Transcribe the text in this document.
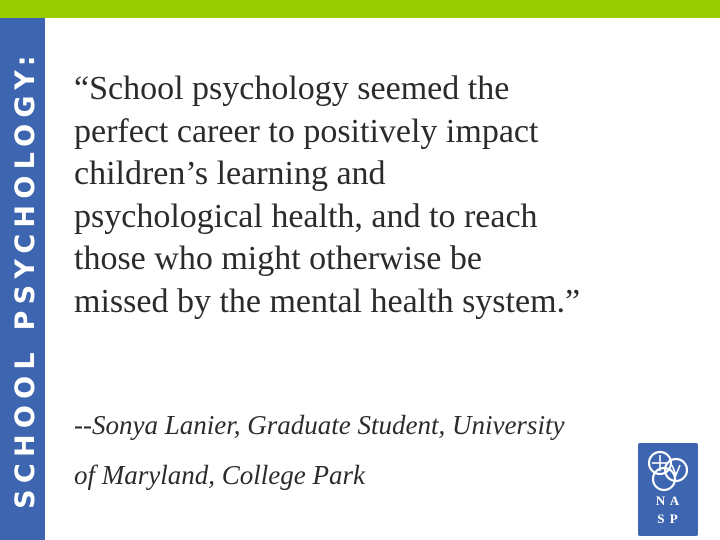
SCHOOL PSYCHOLOGY: “School psychology seemed the
perfect career to positively impact
children’s learning and
psychological health, and to reach
those who might otherwise be
missed by the mental health system.”
--Sonya Lanier, Graduate Student, University
of Maryland, College Park
N A
S P
